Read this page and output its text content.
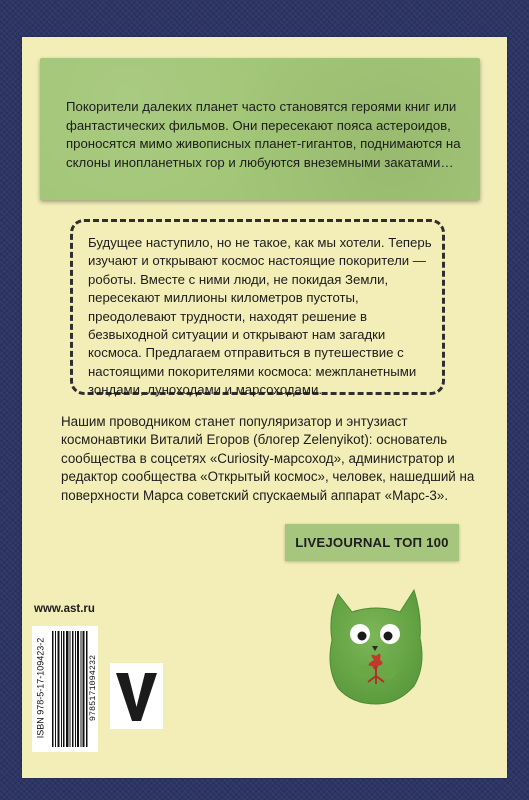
Покорители далеких планет часто становятся героями книг или фантастических фильмов. Они пересекают пояса астероидов, проносятся мимо живописных планет-гигантов, поднимаются на склоны инопланетных гор и любуются внеземными закатами…

Будущее наступило, но не такое, как мы хотели. Теперь изучают и открывают космос настоящие покорители — роботы. Вместе с ними люди, не покидая Земли, пересекают миллионы километров пустоты, преодолевают трудности, находят решение в безвыходной ситуации и открывают нам загадки космоса. Предлагаем отправиться в путешествие с настоящими покорителями космоса: межпланетными зондами, луноходами и марсоходами.

Нашим проводником станет популяризатор и энтузиаст космонавтики Виталий Егоров (блогер Zelenyikot): основатель сообщества в соцсетях «Curiosity-марсоход», администратор и редактор сообщества «Открытый космос», человек, нашедший на поверхности Марса советский спускаемый аппарат «Марс-3».

LIVEJOURNAL ТОП 100
www.ast.ru
ISBN 978-5-17-109423-2	9785171094232
